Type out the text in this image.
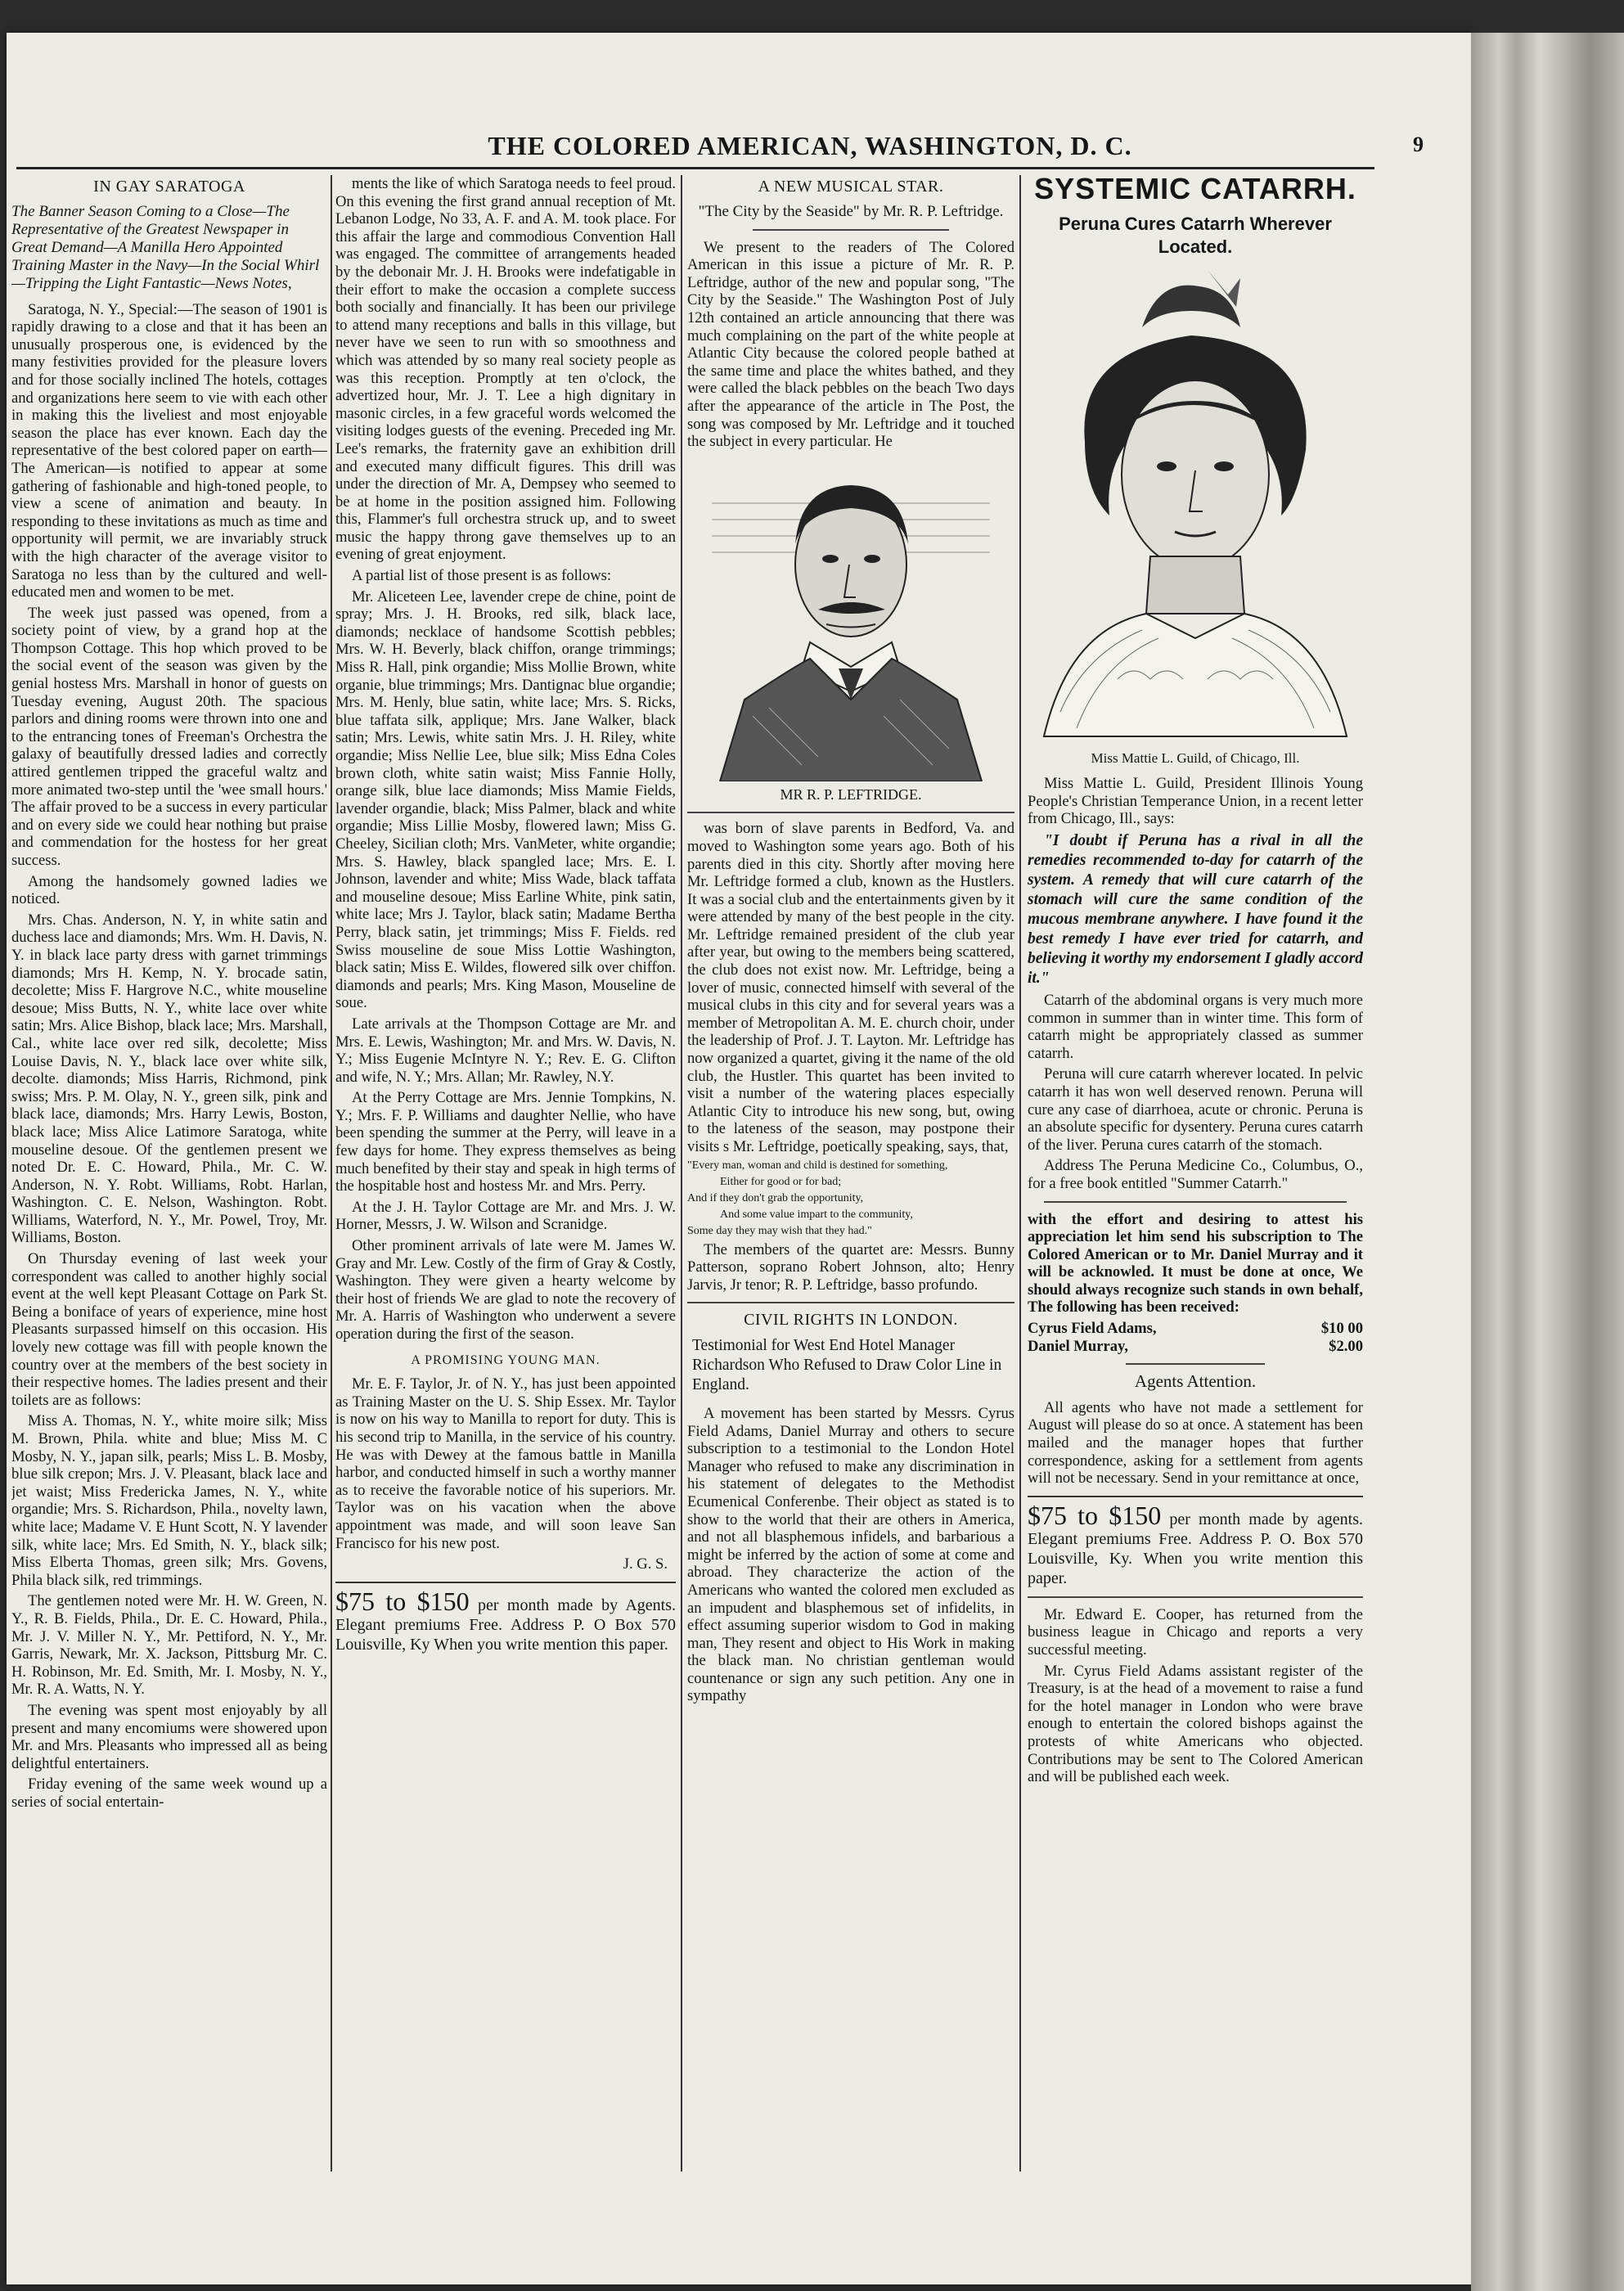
THE COLORED AMERICAN, WASHINGTON, D. C.	9
IN GAY SARATOGA
The Banner Season Coming to a Close—The Representative of the Greatest Newspaper in Great Demand—A Manilla Hero Appointed Training Master in the Navy—In the Social Whirl—Tripping the Light Fantastic—News Notes,

Saratoga, N. Y., Special:—The season of 1901 is rapidly drawing to a close and that it has been an unusually prosperous one, is evidenced by the many festivities provided for the pleasure lovers and for those socially inclined The hotels, cottages and organizations here seem to vie with each other in making this the liveliest and most enjoyable season the place has ever known. Each day the representative of the best colored paper on earth—The American—is notified to appear at some gathering of fashionable and high-toned people, to view a scene of animation and beauty. In responding to these invitations as much as time and opportunity will permit, we are invariably struck with the high character of the average visitor to Saratoga no less than by the cultured and well-educated men and women to be met.

The week just passed was opened, from a society point of view, by a grand hop at the Thompson Cottage. This hop which proved to be the social event of the season was given by the genial hostess Mrs. Marshall in honor of guests on Tuesday evening, August 20th. The spacious parlors and dining rooms were thrown into one and to the entrancing tones of Freeman's Orchestra the galaxy of beautifully dressed ladies and correctly attired gentlemen tripped the graceful waltz and more animated two-step until the 'wee small hours.' The affair proved to be a success in every particular and on every side we could hear nothing but praise and commendation for the hostess for her great success.

Among the handsomely gowned ladies we noticed.

Mrs. Chas. Anderson, N. Y, in white satin and duchess lace and diamonds; Mrs. Wm. H. Davis, N. Y. in black lace party dress with garnet trimmings diamonds; Mrs H. Kemp, N. Y. brocade satin, decolette; Miss F. Hargrove N.C., white mouseline desoue; Miss Butts, N. Y., white lace over white satin; Mrs. Alice Bishop, black lace; Mrs. Marshall, Cal., white lace over red silk, decolette; Miss Louise Davis, N. Y., black lace over white silk, decolte. diamonds; Miss Harris, Richmond, pink swiss; Mrs. P. M. Olay, N. Y., green silk, pink and black lace, diamonds; Mrs. Harry Lewis, Boston, black lace; Miss Alice Latimore Saratoga, white mouseline desoue. Of the gentlemen present we noted Dr. E. C. Howard, Phila., Mr. C. W. Anderson, N. Y. Robt. Williams, Robt. Harlan, Washington. C. E. Nelson, Washington. Robt. Williams, Waterford, N. Y., Mr. Powel, Troy, Mr. Williams, Boston.

On Thursday evening of last week your correspondent was called to another highly social event at the well kept Pleasant Cottage on Park St. Being a boniface of years of experience, mine host Pleasants surpassed himself on this occasion. His lovely new cottage was fill with people known the country over at the members of the best society in their respective homes. The ladies present and their toilets are as follows:

Miss A. Thomas, N. Y., white moire silk; Miss M. Brown, Phila. white and blue; Miss M. C Mosby, N. Y., japan silk, pearls; Miss L. B. Mosby, blue silk crepon; Mrs. J. V. Pleasant, black lace and jet waist; Miss Fredericka James, N. Y., white organdie; Mrs. S. Richardson, Phila., novelty lawn, white lace; Madame V. E Hunt Scott, N. Y lavender silk, white lace; Mrs. Ed Smith, N. Y., black silk; Miss Elberta Thomas, green silk; Mrs. Govens, Phila black silk, red trimmings.

The gentlemen noted were Mr. H. W. Green, N. Y., R. B. Fields, Phila., Dr. E. C. Howard, Phila., Mr. J. V. Miller N. Y., Mr. Pettiford, N. Y., Mr. Garris, Newark, Mr. X. Jackson, Pittsburg Mr. C. H. Robinson, Mr. Ed. Smith, Mr. I. Mosby, N. Y., Mr. R. A. Watts, N. Y.

The evening was spent most enjoyably by all present and many encomiums were showered upon Mr. and Mrs. Pleasants who impressed all as being delightful entertainers.

Friday evening of the same week wound up a series of social entertain-

ments the like of which Saratoga needs to feel proud. On this evening the first grand annual reception of Mt. Lebanon Lodge, No 33, A. F. and A. M. took place. For this affair the large and commodious Convention Hall was engaged. The committee of arrangements headed by the debonair Mr. J. H. Brooks were indefatigable in their effort to make the occasion a complete success both socially and financially. It has been our privilege to attend many receptions and balls in this village, but never have we seen to run with so smoothness and which was attended by so many real society people as was this reception. Promptly at ten o'clock, the advertized hour, Mr. J. T. Lee a high dignitary in masonic circles, in a few graceful words welcomed the visiting lodges guests of the evening. Preceded ing Mr. Lee's remarks, the fraternity gave an exhibition drill and executed many difficult figures. This drill was under the direction of Mr. A, Dempsey who seemed to be at home in the position assigned him. Following this, Flammer's full orchestra struck up, and to sweet music the happy throng gave themselves up to an evening of great enjoyment.

A partial list of those present is as follows:

Mr. Aliceteen Lee, lavender crepe de chine, point de spray; Mrs. J. H. Brooks, red silk, black lace, diamonds; necklace of handsome Scottish pebbles; Mrs. W. H. Beverly, black chiffon, orange trimmings; Miss R. Hall, pink organdie; Miss Mollie Brown, white organie, blue trimmings; Mrs. Dantignac blue organdie; Mrs. M. Henly, blue satin, white lace; Mrs. S. Ricks, blue taffata silk, applique; Mrs. Jane Walker, black satin; Mrs. Lewis, white satin Mrs. J. H. Riley, white organdie; Miss Nellie Lee, blue silk; Miss Edna Coles brown cloth, white satin waist; Miss Fannie Holly, orange silk, blue lace diamonds; Miss Mamie Fields, lavender organdie, black; Miss Palmer, black and white organdie; Miss Lillie Mosby, flowered lawn; Miss G. Cheeley, Sicilian cloth; Mrs. VanMeter, white organdie; Mrs. S. Hawley, black spangled lace; Mrs. E. I. Johnson, lavender and white; Miss Wade, black taffata and mouseline desoue; Miss Earline White, pink satin, white lace; Mrs J. Taylor, black satin; Madame Bertha Perry, black satin, jet trimmings; Miss F. Fields. red Swiss mouseline de soue Miss Lottie Washington, black satin; Miss E. Wildes, flowered silk over chiffon. diamonds and pearls; Mrs. King Mason, Mouseline de soue.

Late arrivals at the Thompson Cottage are Mr. and Mrs. E. Lewis, Washington; Mr. and Mrs. W. Davis, N. Y.; Miss Eugenie McIntyre N. Y.; Rev. E. G. Clifton and wife, N. Y.; Mrs. Allan; Mr. Rawley, N.Y.

At the Perry Cottage are Mrs. Jennie Tompkins, N. Y.; Mrs. F. P. Williams and daughter Nellie, who have been spending the summer at the Perry, will leave in a few days for home. They express themselves as being much benefited by their stay and speak in high terms of the hospitable host and hostess Mr. and Mrs. Perry.

At the J. H. Taylor Cottage are Mr. and Mrs. J. W. Horner, Messrs, J. W. Wilson and Scranidge.

Other prominent arrivals of late were M. James W. Gray and Mr. Lew. Costly of the firm of Gray & Costly, Washington. They were given a hearty welcome by their host of friends We are glad to note the recovery of Mr. A. Harris of Washington who underwent a severe operation during the first of the season.

A PROMISING YOUNG MAN.

Mr. E. F. Taylor, Jr. of N. Y., has just been appointed as Training Master on the U. S. Ship Essex. Mr. Taylor is now on his way to Manilla to report for duty. This is his second trip to Manilla, in the service of his country. He was with Dewey at the famous battle in Manilla harbor, and conducted himself in such a worthy manner as to receive the favorable notice of his superiors. Mr. Taylor was on his vacation when the above appointment was made, and will soon leave San Francisco for his new post.

J. G. S.
$75 to $150 per month made by Agents. Elegant premiums Free. Address P. O Box 570 Louisville, Ky When you write mention this paper.
A NEW MUSICAL STAR.
"The City by the Seaside" by Mr. R. P. Leftridge.

We present to the readers of The Colored American in this issue a picture of Mr. R. P. Leftridge, author of the new and popular song, "The City by the Seaside." The Washington Post of July 12th contained an article announcing that there was much complaining on the part of the white people at Atlantic City because the colored people bathed at the same time and place the whites bathed, and they were called the black pebbles on the beach Two days after the appearance of the article in The Post, the song was composed by Mr. Leftridge and it touched the subject in every particular. He

MR R. P. LEFTRIDGE.

was born of slave parents in Bedford, Va. and moved to Washington some years ago. Both of his parents died in this city. Shortly after moving here Mr. Leftridge formed a club, known as the Hustlers. It was a social club and the entertainments given by it were attended by many of the best people in the city. Mr. Leftridge remained president of the club year after year, but owing to the members being scattered, the club does not exist now. Mr. Leftridge, being a lover of music, connected himself with several of the musical clubs in this city and for several years was a member of Metropolitan A. M. E. church choir, under the leadership of Prof. J. T. Layton. Mr. Leftridge has now organized a quartet, giving it the name of the old club, the Hustler. This quartet has been invited to visit a number of the watering places especially Atlantic City to introduce his new song, but, owing to the lateness of the season, may postpone their visits s Mr. Leftridge, poetically speaking, says, that,

"Every man, woman and child is destined for something,

Either for good or for bad;

And if they don't grab the opportunity,

And some value impart to the community,

Some day they may wish that they had."

The members of the quartet are: Messrs. Bunny Patterson, soprano Robert Johnson, alto; Henry Jarvis, Jr tenor; R. P. Leftridge, basso profundo.

CIVIL RIGHTS IN LONDON.
Testimonial for West End Hotel Manager Richardson Who Refused to Draw Color Line in England.

A movement has been started by Messrs. Cyrus Field Adams, Daniel Murray and others to secure subscription to a testimonial to the London Hotel Manager who refused to make any discrimination in his statement of delegates to the Methodist Ecumenical Conferenbe. Their object as stated is to show to the world that their are others in America, and not all blasphemous infidels, and barbarious a might be inferred by the action of some at come and abroad. They characterize the action of the Americans who wanted the colored men excluded as an impudent and blasphemous set of infidelits, in effect assuming superior wisdom to God in making man, They resent and object to His Work in making the black man. No christian gentleman would countenance or sign any such petition. Any one in sympathy

SYSTEMIC CATARRH.
Peruna Cures Catarrh Wherever Located.
Miss Mattie L. Guild, of Chicago, Ill.

Miss Mattie L. Guild, President Illinois Young People's Christian Temperance Union, in a recent letter from Chicago, Ill., says:

"I doubt if Peruna has a rival in all the remedies recommended to-day for catarrh of the system. A remedy that will cure catarrh of the stomach will cure the same condition of the mucous membrane anywhere. I have found it the best remedy I have ever tried for catarrh, and believing it worthy my endorsement I gladly accord it."

Catarrh of the abdominal organs is very much more common in summer than in winter time. This form of catarrh might be appropriately classed as summer catarrh.

Peruna will cure catarrh wherever located. In pelvic catarrh it has won well deserved renown. Peruna will cure any case of diarrhoea, acute or chronic. Peruna is an absolute specific for dysentery. Peruna cures catarrh of the liver. Peruna cures catarrh of the stomach.

Address The Peruna Medicine Co., Columbus, O., for a free book entitled "Summer Catarrh."

with the effort and desiring to attest his appreciation let him send his subscription to The Colored American or to Mr. Daniel Murray and it will be acknowled. It must be done at once, We should always recognize such stands in own behalf, The following has been received:

Cyrus Field Adams,	$10 00
Daniel Murray,	$2.00
Agents Attention.

All agents who have not made a settlement for August will please do so at once. A statement has been mailed and the manager hopes that further correspondence, asking for a settlement from agents will not be necessary. Send in your remittance at once,

$75 to $150 per month made by agents. Elegant premiums Free. Address P. O. Box 570 Louisville, Ky. When you write mention this paper.

Mr. Edward E. Cooper, has returned from the business league in Chicago and reports a very successful meeting.

Mr. Cyrus Field Adams assistant register of the Treasury, is at the head of a movement to raise a fund for the hotel manager in London who were brave enough to entertain the colored bishops against the protests of white Americans who objected. Contributions may be sent to The Colored American and will be published each week.
